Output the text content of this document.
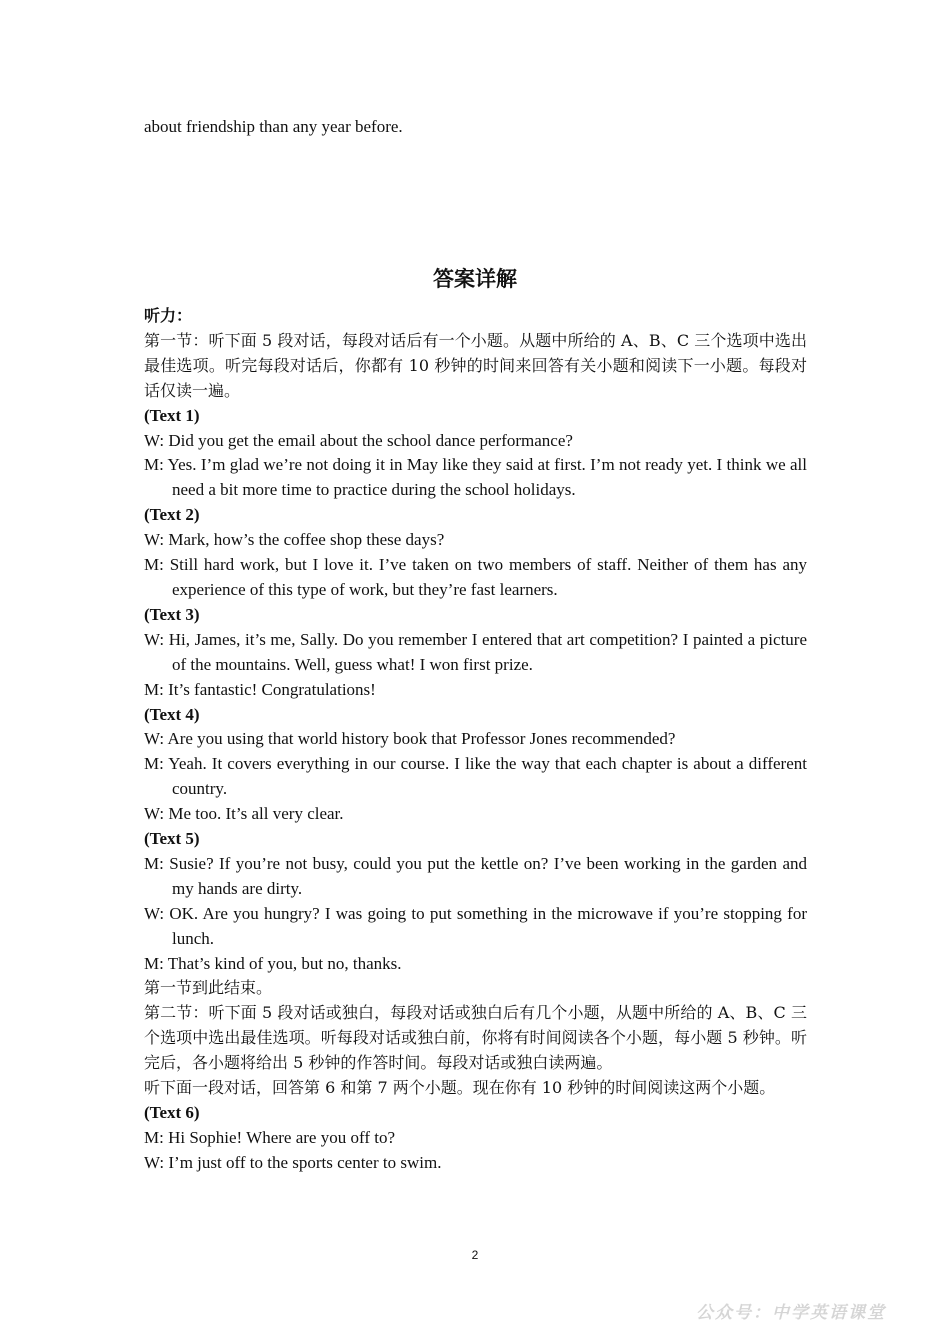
about friendship than any year before.
答案详解

听力：

第一节：听下面 5 段对话，每段对话后有一个小题。从题中所给的 A、B、C 三个选项中选出最佳选项。听完每段对话后，你都有 10 秒钟的时间来回答有关小题和阅读下一小题。每段对话仅读一遍。

(Text 1)

W: Did you get the email about the school dance performance?

M: Yes. I’m glad we’re not doing it in May like they said at first. I’m not ready yet. I think we all need a bit more time to practice during the school holidays.

(Text 2)

W: Mark, how’s the coffee shop these days?

M: Still hard work, but I love it. I’ve taken on two members of staff. Neither of them has any experience of this type of work, but they’re fast learners.

(Text 3)

W: Hi, James, it’s me, Sally. Do you remember I entered that art competition? I painted a picture of the mountains. Well, guess what! I won first prize.

M: It’s fantastic! Congratulations!

(Text 4)

W: Are you using that world history book that Professor Jones recommended?

M: Yeah. It covers everything in our course. I like the way that each chapter is about a different country.

W: Me too. It’s all very clear.

(Text 5)

M: Susie? If you’re not busy, could you put the kettle on? I’ve been working in the garden and my hands are dirty.

W: OK. Are you hungry? I was going to put something in the microwave if you’re stopping for lunch.

M: That’s kind of you, but no, thanks.

第一节到此结束。

第二节：听下面 5 段对话或独白，每段对话或独白后有几个小题，从题中所给的 A、B、C 三个选项中选出最佳选项。听每段对话或独白前，你将有时间阅读各个小题，每小题 5 秒钟。听完后，各小题将给出 5 秒钟的作答时间。每段对话或独白读两遍。

听下面一段对话，回答第 6 和第 7 两个小题。现在你有 10 秒钟的时间阅读这两个小题。

(Text 6)

M: Hi Sophie! Where are you off to?

W: I’m just off to the sports center to swim.

2
公众号：中学英语课堂
